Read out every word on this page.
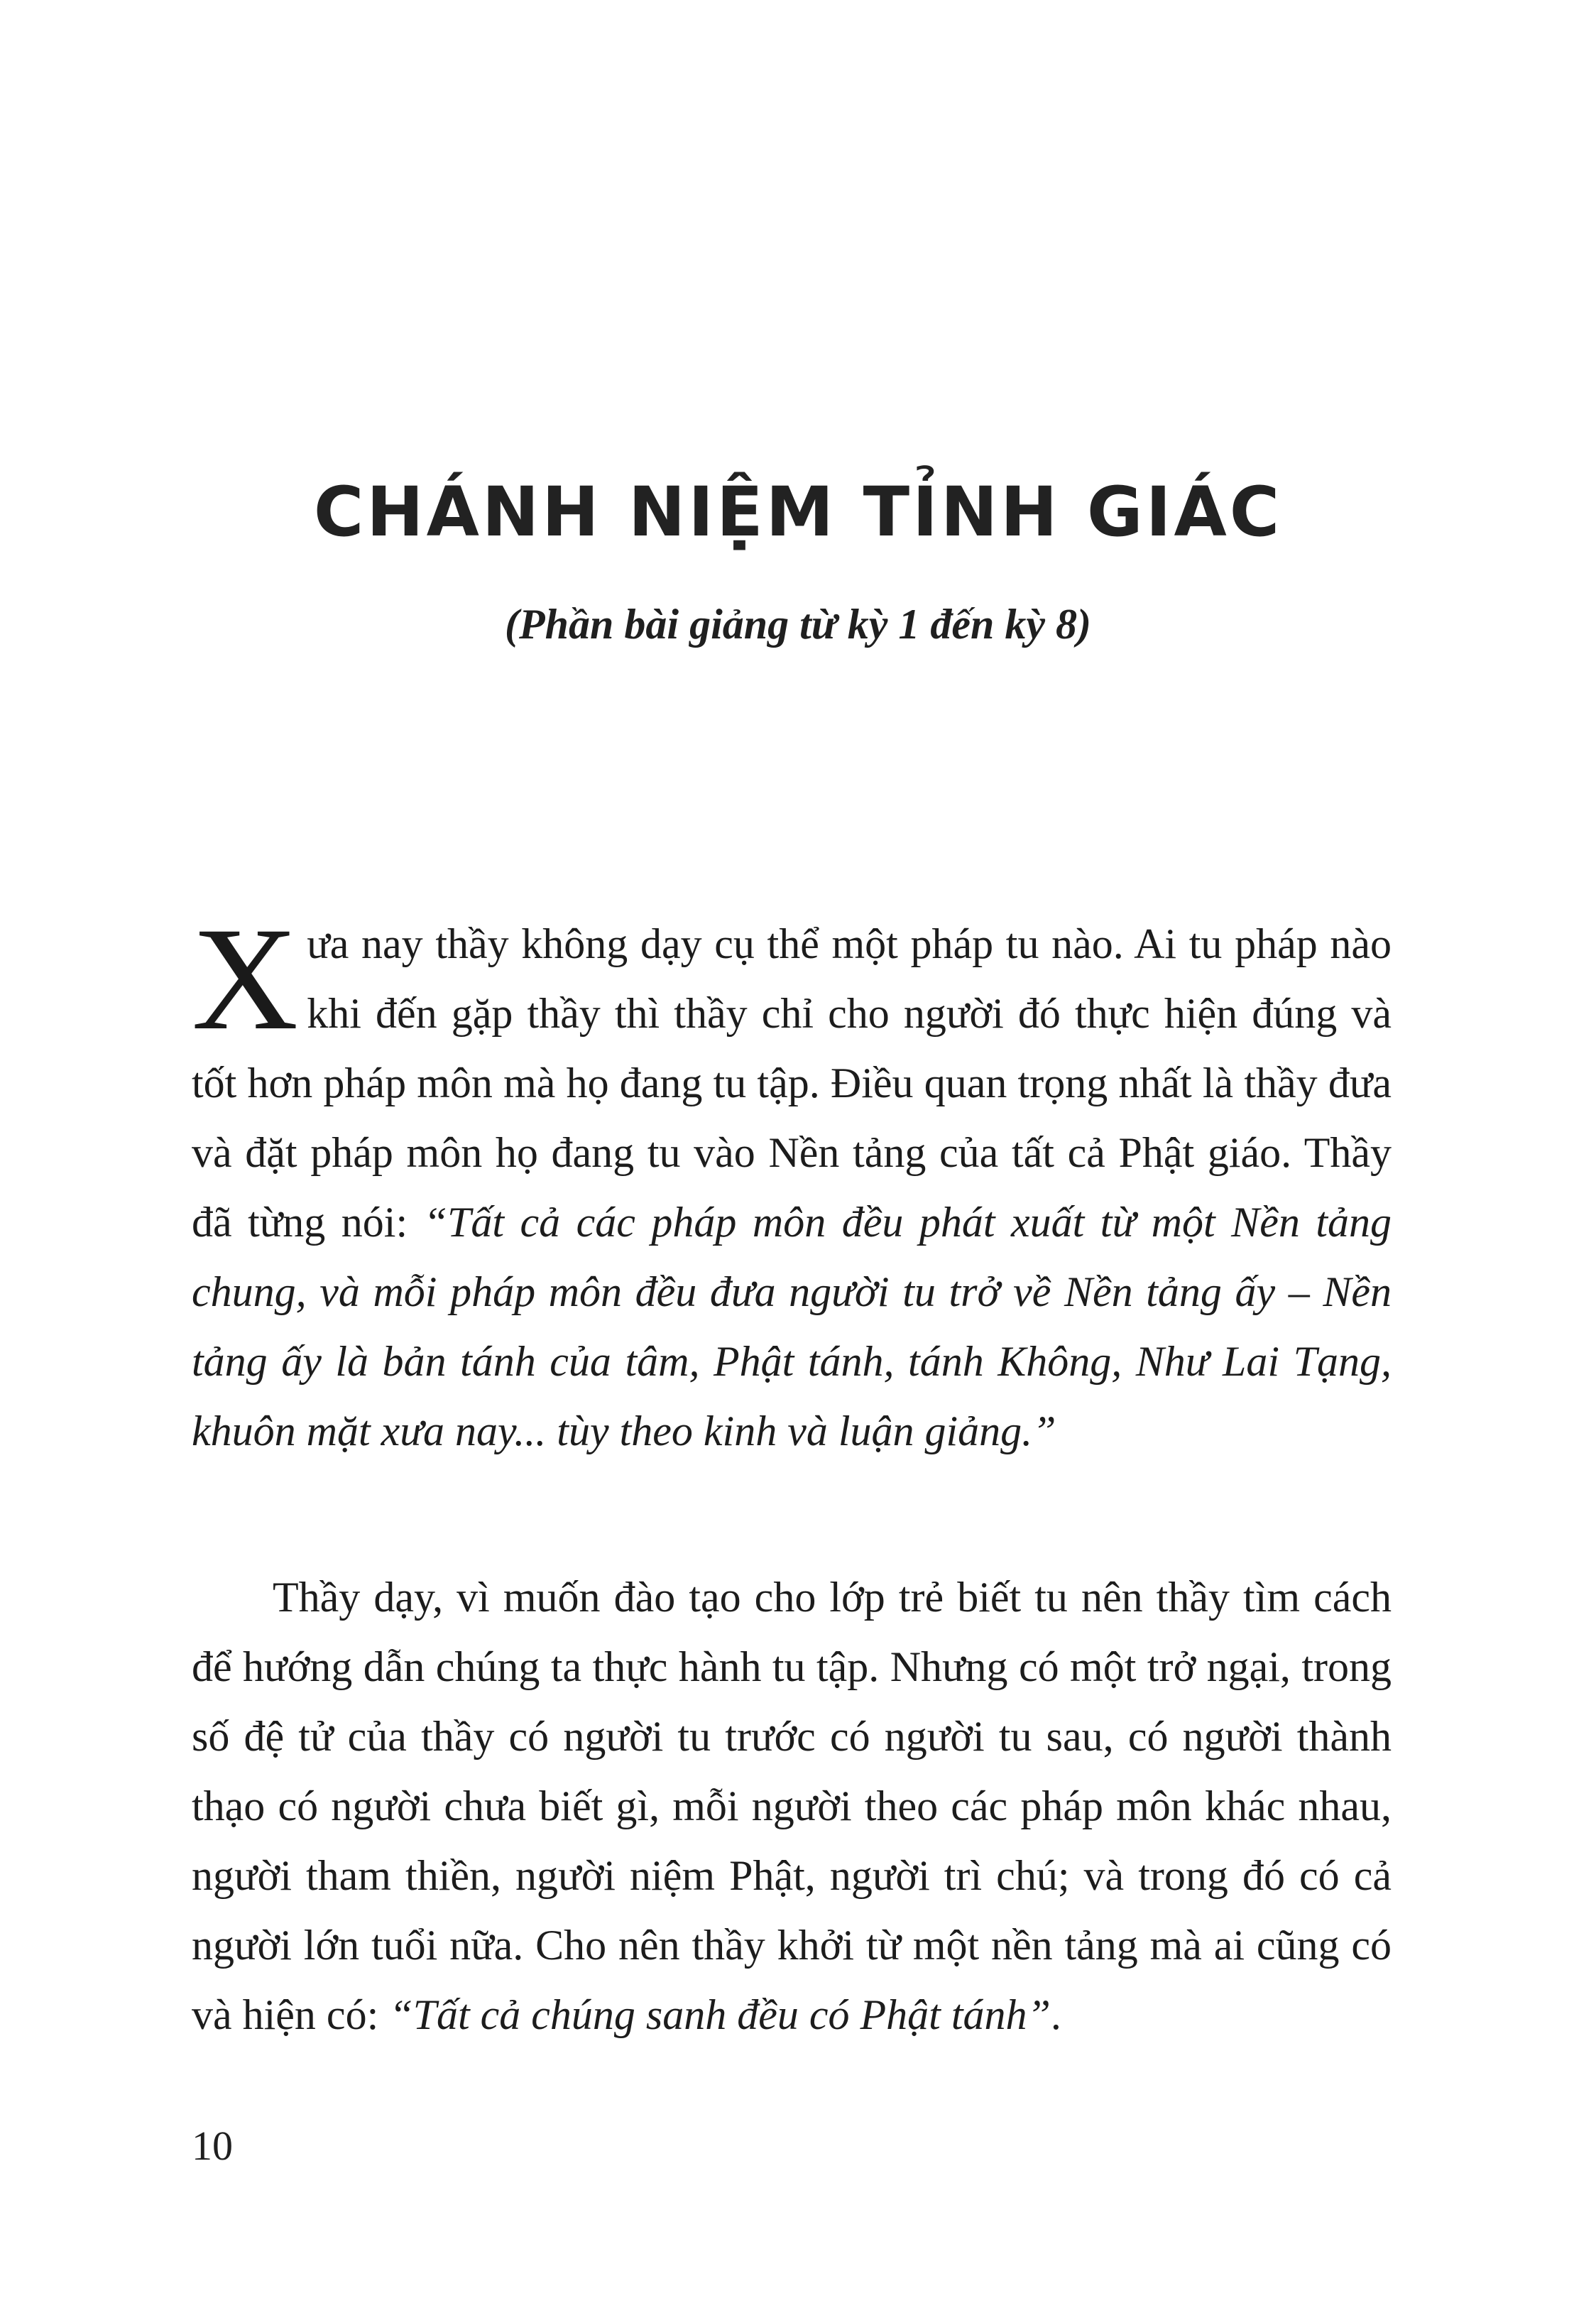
CHÁNH NIỆM TỈNH GIÁC

(Phần bài giảng từ kỳ 1 đến kỳ 8)

Xưa nay thầy không dạy cụ thể một pháp tu nào. Ai tu pháp nào khi đến gặp thầy thì thầy chỉ cho người đó thực hiện đúng và tốt hơn pháp môn mà họ đang tu tập. Điều quan trọng nhất là thầy đưa và đặt pháp môn họ đang tu vào Nền tảng của tất cả Phật giáo. Thầy đã từng nói: “Tất cả các pháp môn đều phát xuất từ một Nền tảng chung, và mỗi pháp môn đều đưa người tu trở về Nền tảng ấy – Nền tảng ấy là bản tánh của tâm, Phật tánh, tánh Không, Như Lai Tạng, khuôn mặt xưa nay... tùy theo kinh và luận giảng.”

Thầy dạy, vì muốn đào tạo cho lớp trẻ biết tu nên thầy tìm cách để hướng dẫn chúng ta thực hành tu tập. Nhưng có một trở ngại, trong số đệ tử của thầy có người tu trước có người tu sau, có người thành thạo có người chưa biết gì, mỗi người theo các pháp môn khác nhau, người tham thiền, người niệm Phật, người trì chú; và trong đó có cả người lớn tuổi nữa. Cho nên thầy khởi từ một nền tảng mà ai cũng có và hiện có: “Tất cả chúng sanh đều có Phật tánh”.

10
